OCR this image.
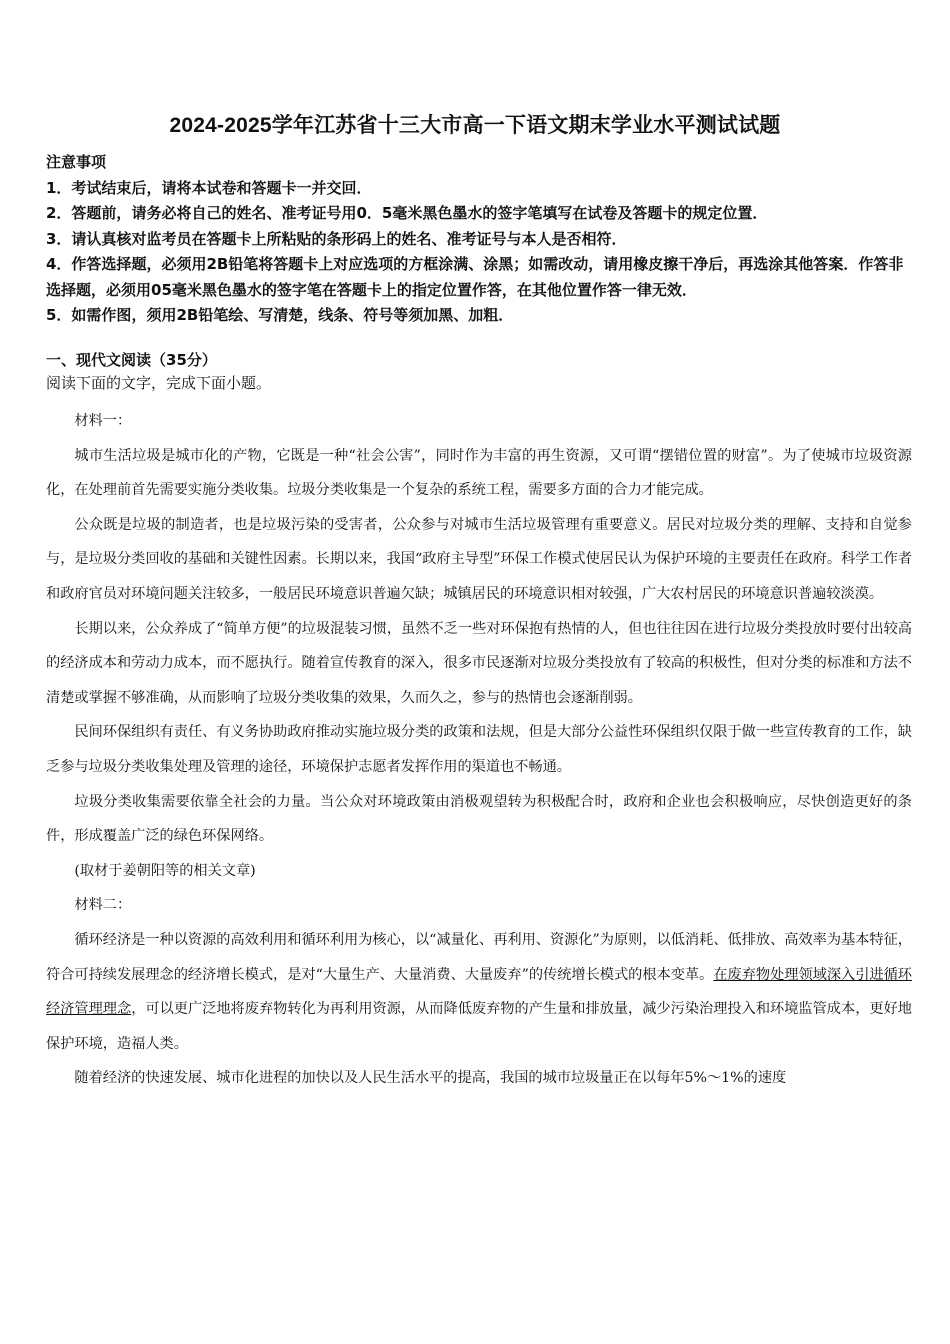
2024-2025学年江苏省十三大市高一下语文期末学业水平测试试题
注意事项
1．考试结束后，请将本试卷和答题卡一并交回．
2．答题前，请务必将自己的姓名、准考证号用0．5毫米黑色墨水的签字笔填写在试卷及答题卡的规定位置．
3．请认真核对监考员在答题卡上所粘贴的条形码上的姓名、准考证号与本人是否相符．
4．作答选择题，必须用2B铅笔将答题卡上对应选项的方框涂满、涂黑；如需改动，请用橡皮擦干净后，再选涂其他答案．作答非选择题，必须用05毫米黑色墨水的签字笔在答题卡上的指定位置作答，在其他位置作答一律无效．
5．如需作图，须用2B铅笔绘、写清楚，线条、符号等须加黑、加粗．
一、现代文阅读（35分）
阅读下面的文字，完成下面小题。

材料一：

城市生活垃圾是城市化的产物，它既是一种“社会公害”，同时作为丰富的再生资源，又可谓“摆错位置的财富”。为了使城市垃圾资源化，在处理前首先需要实施分类收集。垃圾分类收集是一个复杂的系统工程，需要多方面的合力才能完成。

公众既是垃圾的制造者，也是垃圾污染的受害者，公众参与对城市生活垃圾管理有重要意义。居民对垃圾分类的理解、支持和自觉参与，是垃圾分类回收的基础和关键性因素。长期以来，我国“政府主导型”环保工作模式使居民认为保护环境的主要责任在政府。科学工作者和政府官员对环境问题关注较多，一般居民环境意识普遍欠缺；城镇居民的环境意识相对较强，广大农村居民的环境意识普遍较淡漠。

长期以来，公众养成了“简单方便”的垃圾混装习惯，虽然不乏一些对环保抱有热情的人，但也往往因在进行垃圾分类投放时要付出较高的经济成本和劳动力成本，而不愿执行。随着宣传教育的深入，很多市民逐渐对垃圾分类投放有了较高的积极性，但对分类的标准和方法不清楚或掌握不够准确，从而影响了垃圾分类收集的效果，久而久之，参与的热情也会逐渐削弱。

民间环保组织有责任、有义务协助政府推动实施垃圾分类的政策和法规，但是大部分公益性环保组织仅限于做一些宣传教育的工作，缺乏参与垃圾分类收集处理及管理的途径，环境保护志愿者发挥作用的渠道也不畅通。

垃圾分类收集需要依靠全社会的力量。当公众对环境政策由消极观望转为积极配合时，政府和企业也会积极响应，尽快创造更好的条件，形成覆盖广泛的绿色环保网络。

(取材于姜朝阳等的相关文章)

材料二：

循环经济是一种以资源的高效利用和循环利用为核心，以“减量化、再利用、资源化”为原则，以低消耗、低排放、高效率为基本特征，符合可持续发展理念的经济增长模式，是对“大量生产、大量消费、大量废弃”的传统增长模式的根本变革。在废弃物处理领域深入引进循环经济管理理念，可以更广泛地将废弃物转化为再利用资源，从而降低废弃物的产生量和排放量，减少污染治理投入和环境监管成本，更好地保护环境，造福人类。

随着经济的快速发展、城市化进程的加快以及人民生活水平的提高，我国的城市垃圾量正在以每年5%～1%的速度
